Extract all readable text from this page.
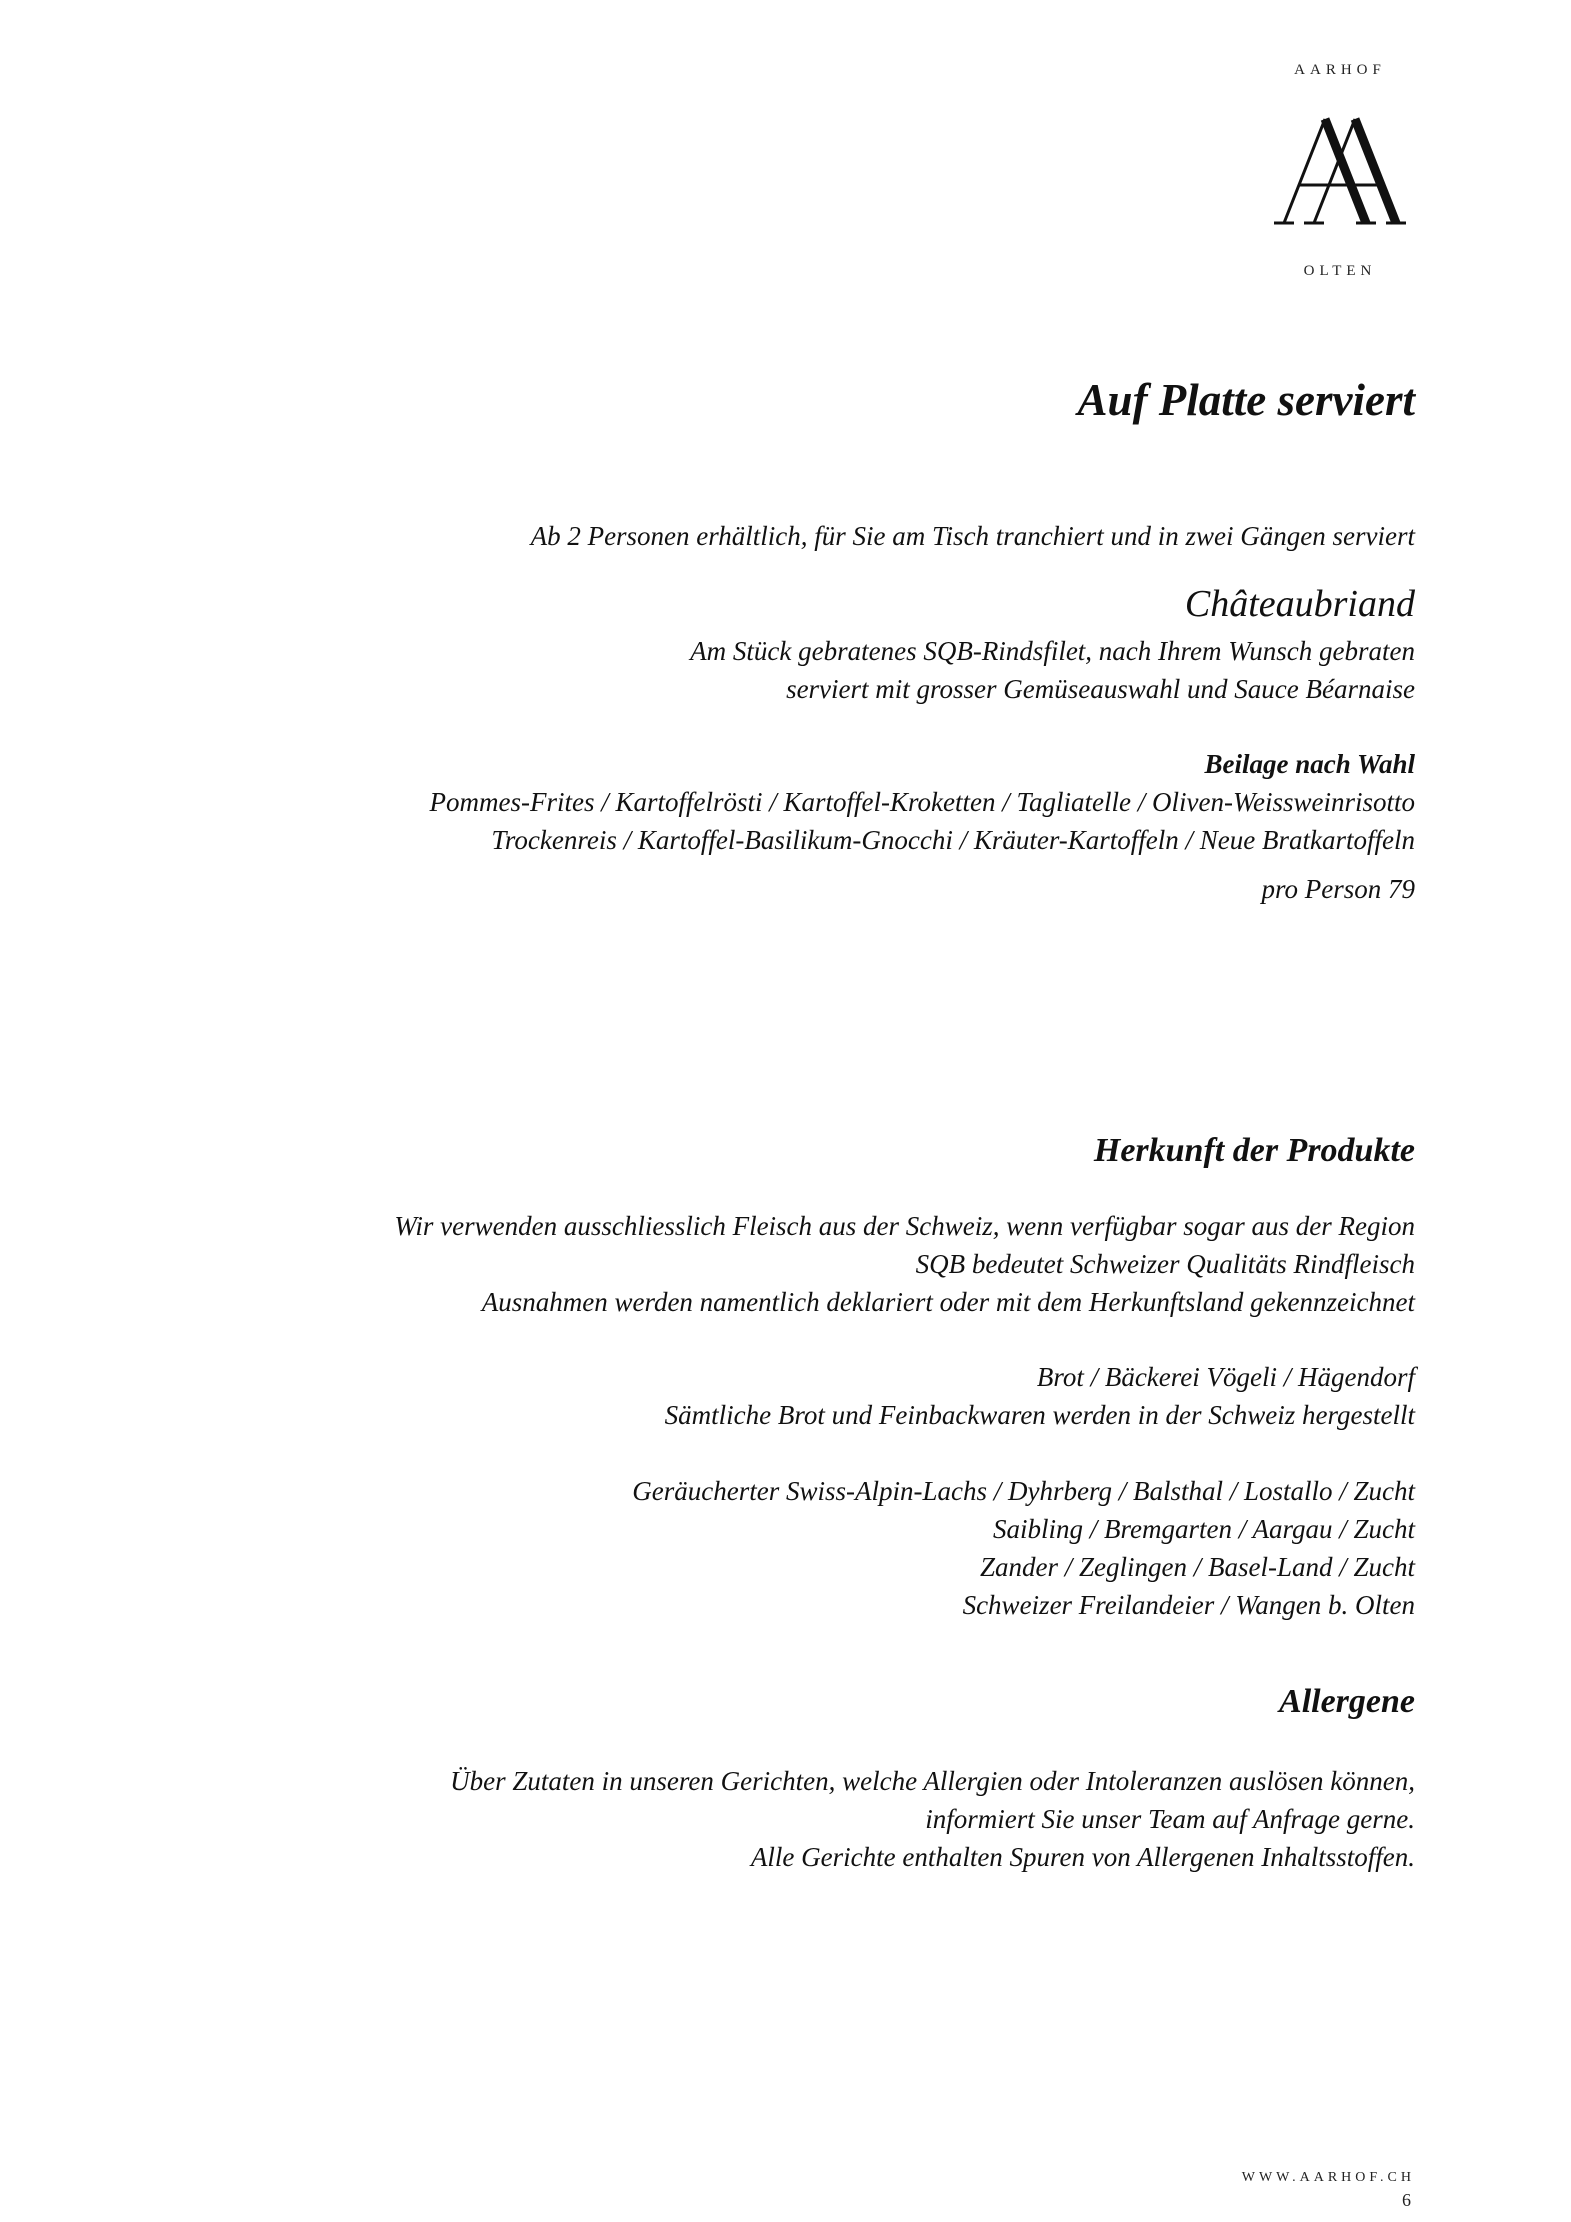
AARHOF
OLTEN
Auf Platte serviert
Ab 2 Personen erhältlich, für Sie am Tisch tranchiert und in zwei Gängen serviert
Châteaubriand
Am Stück gebratenes SQB-Rindsfilet, nach Ihrem Wunsch gebraten
serviert mit grosser Gemüseauswahl und Sauce Béarnaise
Beilage nach Wahl
Pommes-Frites / Kartoffelrösti / Kartoffel-Kroketten / Tagliatelle / Oliven-Weissweinrisotto
Trockenreis / Kartoffel-Basilikum-Gnocchi / Kräuter-Kartoffeln / Neue Bratkartoffeln
pro Person 79
Herkunft der Produkte
Wir verwenden ausschliesslich Fleisch aus der Schweiz, wenn verfügbar sogar aus der Region
SQB bedeutet Schweizer Qualitäts Rindfleisch
Ausnahmen werden namentlich deklariert oder mit dem Herkunftsland gekennzeichnet
Brot / Bäckerei Vögeli / Hägendorf
Sämtliche Brot und Feinbackwaren werden in der Schweiz hergestellt
Geräucherter Swiss-Alpin-Lachs / Dyhrberg / Balsthal / Lostallo / Zucht
Saibling / Bremgarten / Aargau / Zucht
Zander / Zeglingen / Basel-Land / Zucht
Schweizer Freilandeier / Wangen b. Olten
Allergene
Über Zutaten in unseren Gerichten, welche Allergien oder Intoleranzen auslösen können,
informiert Sie unser Team auf Anfrage gerne.
Alle Gerichte enthalten Spuren von Allergenen Inhaltsstoffen.
WWW.AARHOF.CH
6
